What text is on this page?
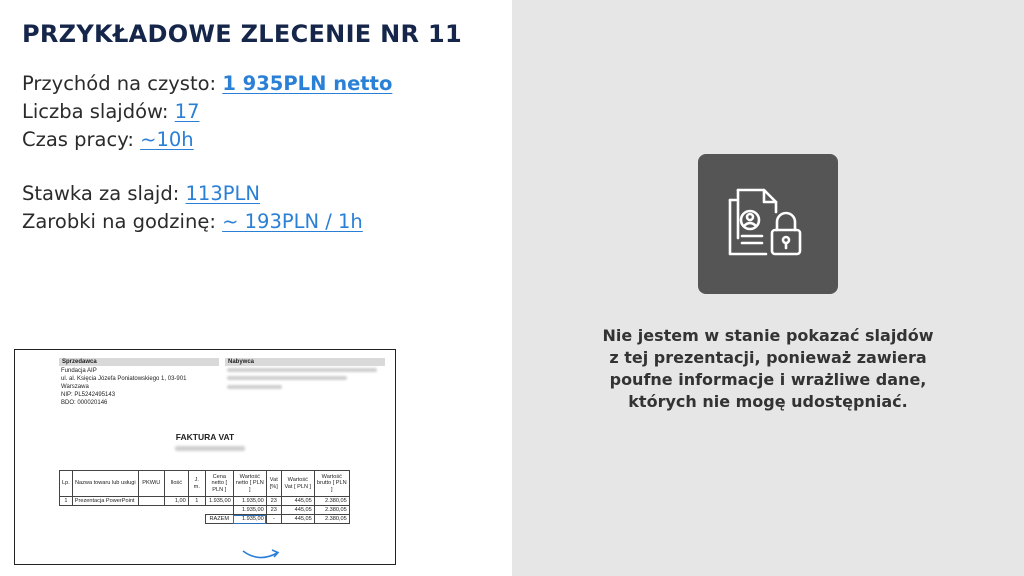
PRZYKŁADOWE ZLECENIE NR 11
Przychód na czysto: 1 935PLN netto
Liczba slajdów: 17
Czas pracy: ~10h
Stawka za slajd: 113PLN
Zarobki na godzinę: ~ 193PLN / 1h
Sprzedawca	Nabywca
Fundacja AIP
ul. al. Księcia Józefa Poniatowskiego 1, 03-901
Warszawa
NIP: PL5242495143
BDO: 000020146
FAKTURA VAT
Lp.	Nazwa towaru lub usługi	PKWiU	Ilość	J. m.	Cena netto [ PLN ]	Wartość netto [ PLN ]	Vat [%]	Wartość Vat [ PLN ]	Wartość brutto [ PLN ]
1	Prezentacja PowerPoint		1,00	1	1.935,00	1.935,00	23	445,05	2.380,05
						1.935,00	23	445,05	2.380,05
					RAZEM	1.935,00	-	445,05	2.380,05
Nie jestem w stanie pokazać slajdów
z tej prezentacji, ponieważ zawiera
poufne informacje i wrażliwe dane,
których nie mogę udostępniać.
